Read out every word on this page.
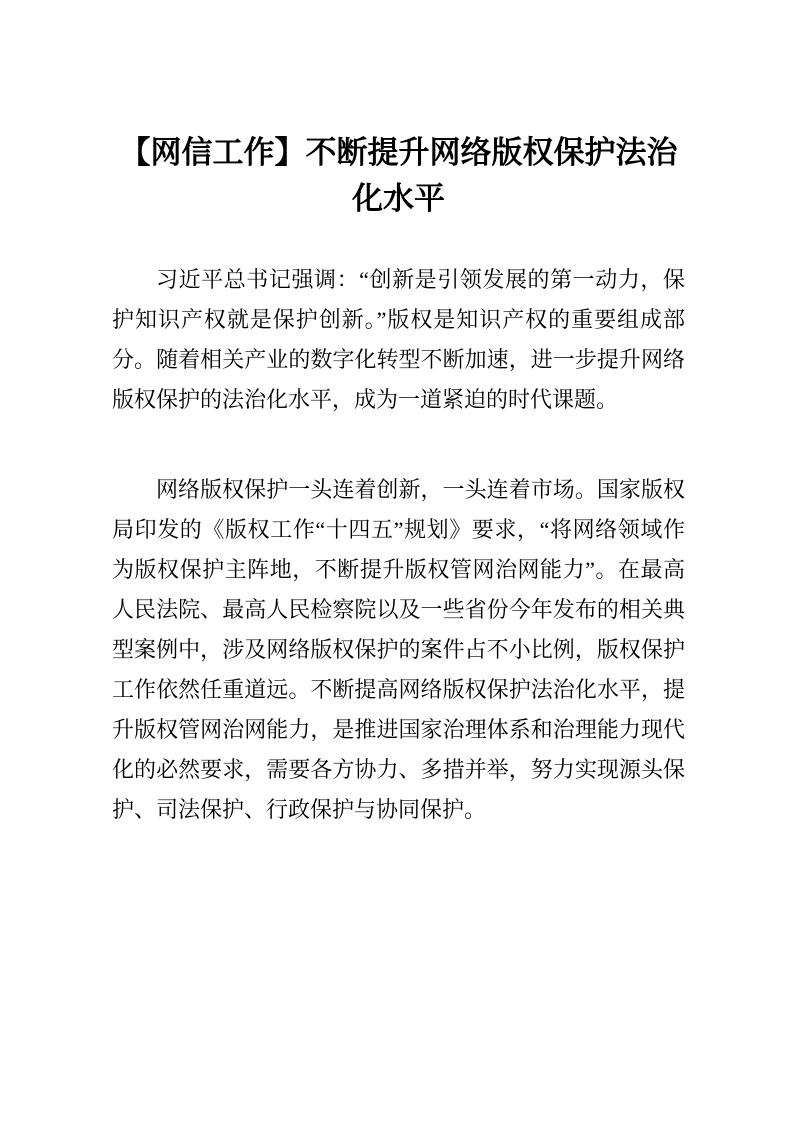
【网信工作】不断提升网络版权保护法治化水平

习近平总书记强调：“创新是引领发展的第一动力，保护知识产权就是保护创新。”版权是知识产权的重要组成部分。随着相关产业的数字化转型不断加速，进一步提升网络版权保护的法治化水平，成为一道紧迫的时代课题。

网络版权保护一头连着创新，一头连着市场。国家版权局印发的《版权工作“十四五”规划》要求，“将网络领域作为版权保护主阵地，不断提升版权管网治网能力”。在最高人民法院、最高人民检察院以及一些省份今年发布的相关典型案例中，涉及网络版权保护的案件占不小比例，版权保护工作依然任重道远。不断提高网络版权保护法治化水平，提升版权管网治网能力，是推进国家治理体系和治理能力现代化的必然要求，需要各方协力、多措并举，努力实现源头保护、司法保护、行政保护与协同保护。
